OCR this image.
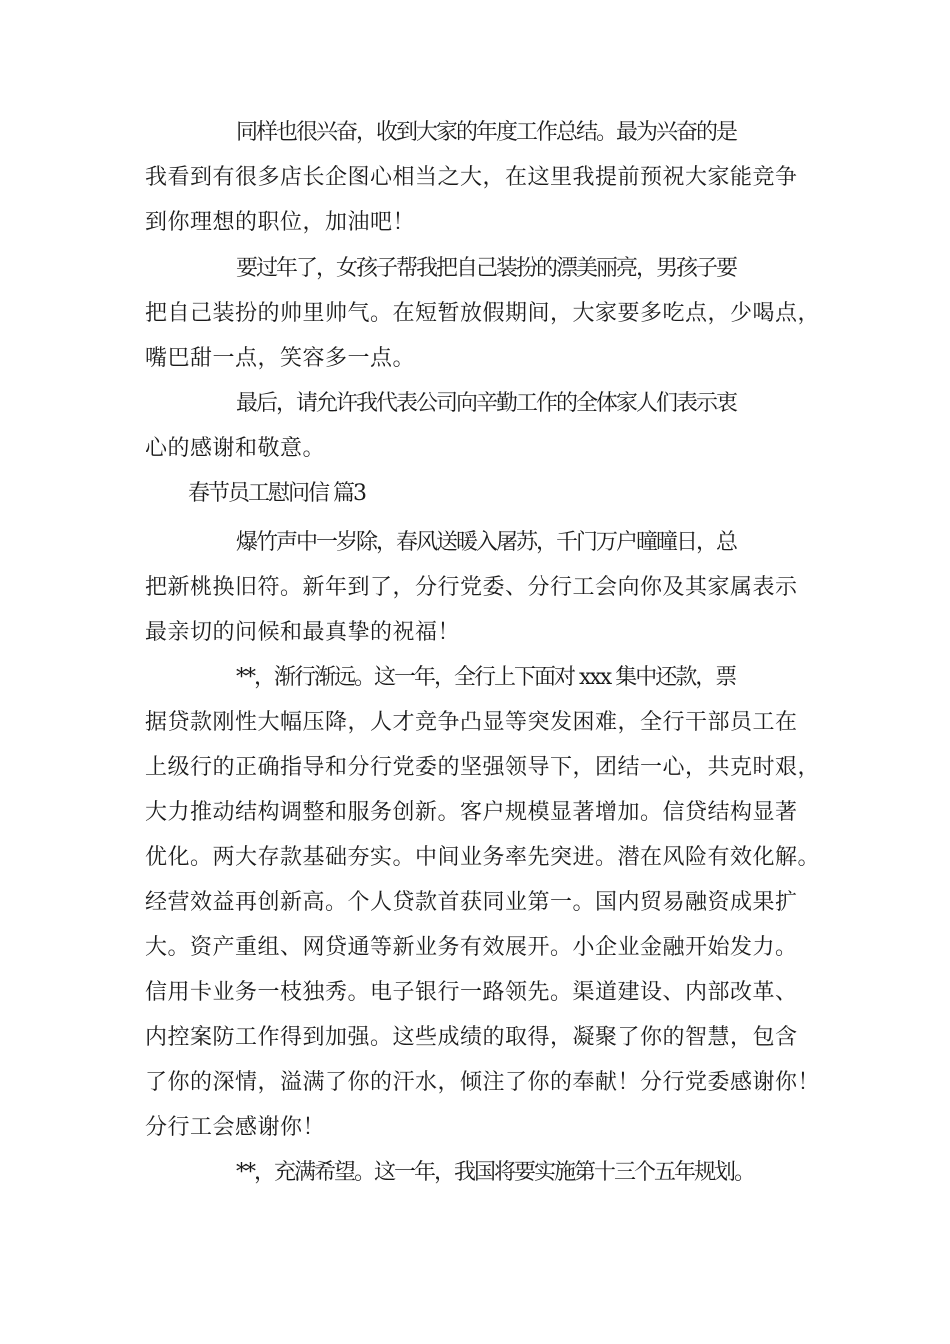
同样也很兴奋，收到大家的年度工作总结。最为兴奋的是

我看到有很多店长企图心相当之大，在这里我提前预祝大家能竞争

到你理想的职位，加油吧！

要过年了，女孩子帮我把自己装扮的漂美丽亮，男孩子要

把自己装扮的帅里帅气。在短暂放假期间，大家要多吃点，少喝点，

嘴巴甜一点，笑容多一点。

最后，请允许我代表公司向辛勤工作的全体家人们表示衷

心的感谢和敬意。

春节员工慰问信 篇3

爆竹声中一岁除，春风送暖入屠苏，千门万户曈曈日，总

把新桃换旧符。新年到了，分行党委、分行工会向你及其家属表示

最亲切的问候和最真挚的祝福！

**，渐行渐远。这一年，全行上下面对 xxx 集中还款，票

据贷款刚性大幅压降，人才竞争凸显等突发困难，全行干部员工在

上级行的正确指导和分行党委的坚强领导下，团结一心，共克时艰，

大力推动结构调整和服务创新。客户规模显著增加。信贷结构显著

优化。两大存款基础夯实。中间业务率先突进。潜在风险有效化解。

经营效益再创新高。个人贷款首获同业第一。国内贸易融资成果扩

大。资产重组、网贷通等新业务有效展开。小企业金融开始发力。

信用卡业务一枝独秀。电子银行一路领先。渠道建设、内部改革、

内控案防工作得到加强。这些成绩的取得，凝聚了你的智慧，包含

了你的深情，溢满了你的汗水，倾注了你的奉献！分行党委感谢你！

分行工会感谢你！

**，充满希望。这一年，我国将要实施第十三个五年规划。
